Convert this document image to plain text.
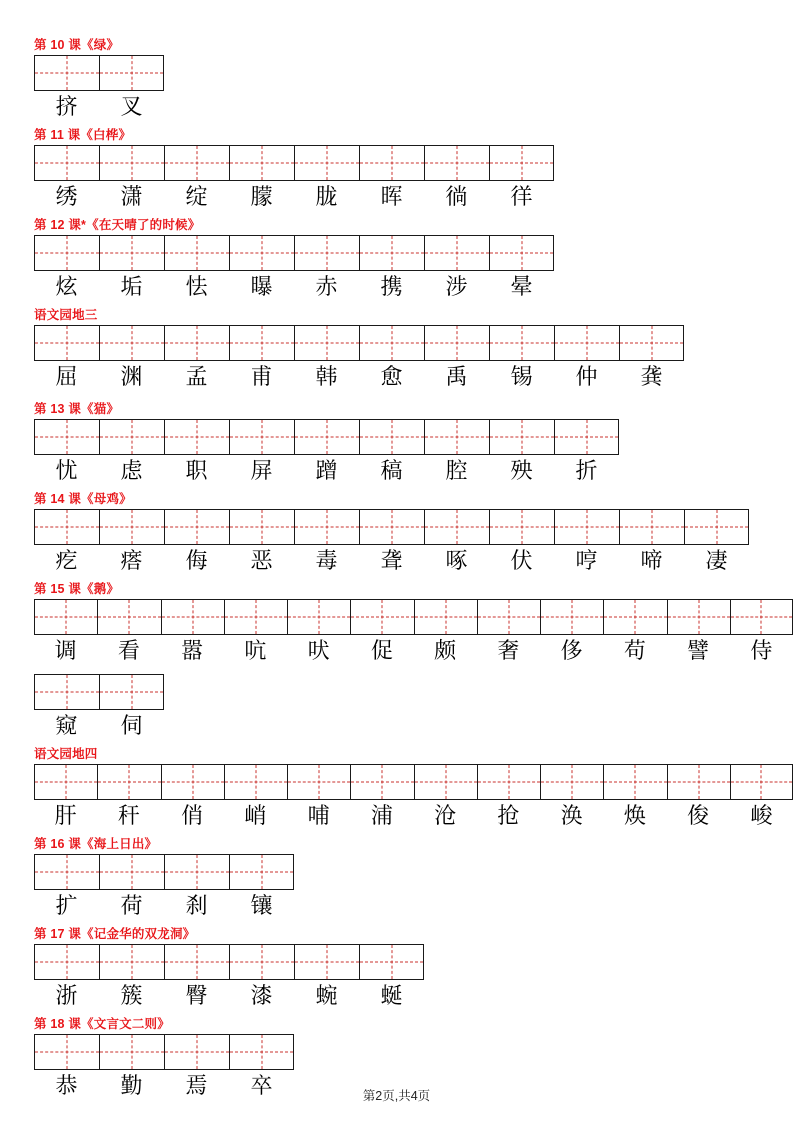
第 10 课《绿》
挤	叉
第 11 课《白桦》
绣	潇	绽	朦	胧	晖	徜	徉
第 12 课*《在天晴了的时候》
炫	垢	怯	曝	赤	携	涉	晕
语文园地三
屈	渊	孟	甫	韩	愈	禹	锡	仲	龚
第 13 课《猫》
忧	虑	职	屏	蹭	稿	腔	殃	折
第 14 课《母鸡》
疙	瘩	侮	恶	毒	聋	啄	伏	哼	啼	凄
第 15 课《鹅》
调	看	嚣	吭	吠	促	颇	奢	侈	苟	譬	侍
窥	伺
语文园地四
肝	秆	俏	峭	哺	浦	沧	抢	涣	焕	俊	峻
第 16 课《海上日出》
扩	荷	刹	镶
第 17 课《记金华的双龙洞》
浙	簇	臀	漆	蜿	蜒
第 18 课《文言文二则》
恭	勤	焉	卒	第2页,共4页
